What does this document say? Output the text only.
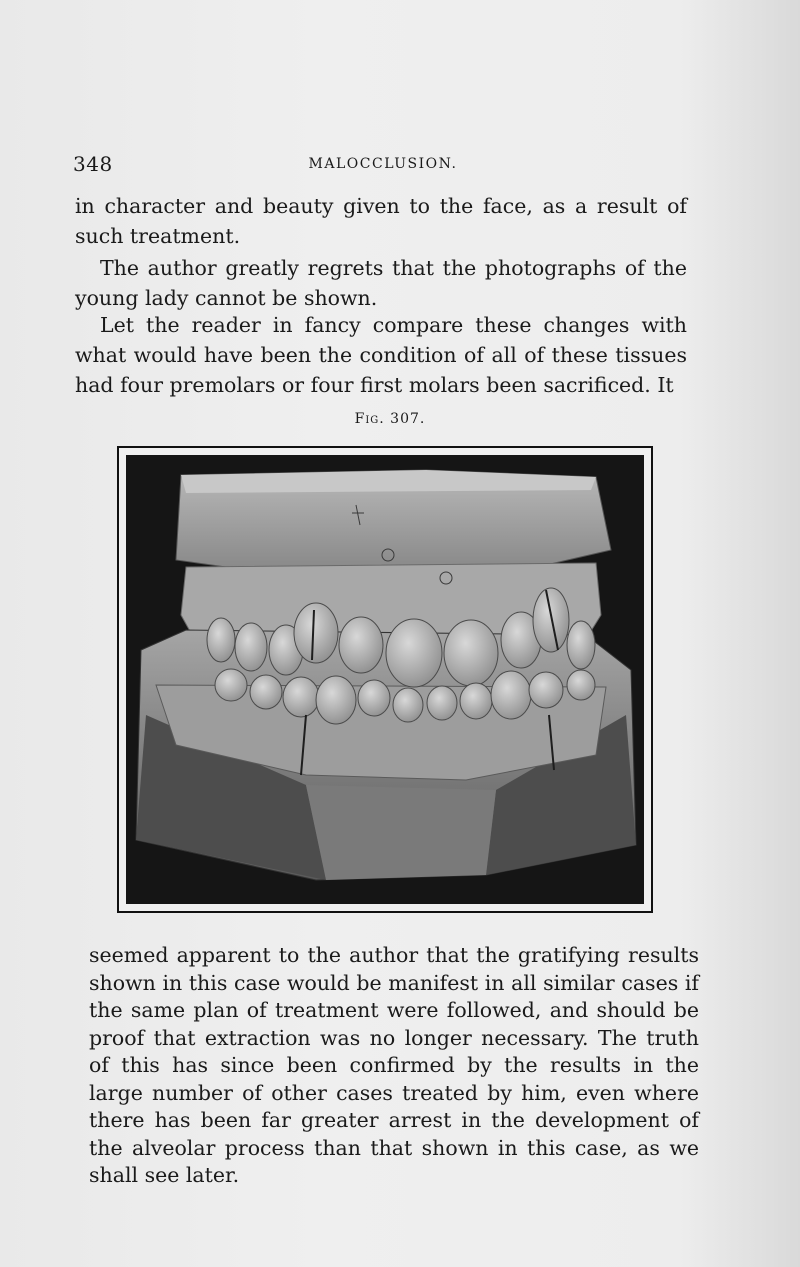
348	MALOCCLUSION.

in character and beauty given to the face, as a result of such treatment.

The author greatly regrets that the photographs of the young lady cannot be shown.

Let the reader in fancy compare these changes with what would have been the condition of all of these tissues had four premolars or four first molars been sacrificed. It

Fig. 307.

seemed apparent to the author that the gratifying results shown in this case would be manifest in all similar cases if the same plan of treatment were followed, and should be proof that extraction was no longer necessary. The truth of this has since been confirmed by the results in the large number of other cases treated by him, even where there has been far greater arrest in the development of the alveolar process than that shown in this case, as we shall see later.
